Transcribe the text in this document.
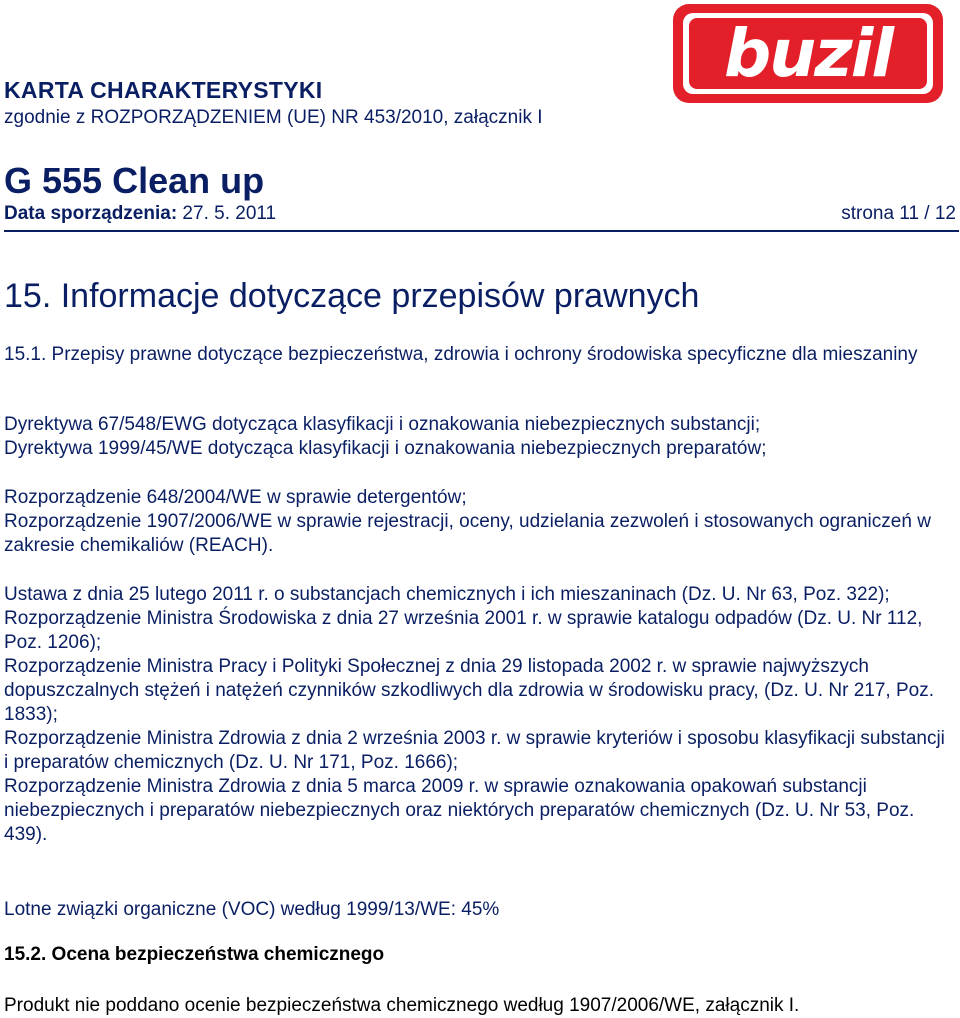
buzil
KARTA CHARAKTERYSTYKI
zgodnie z ROZPORZĄDZENIEM (UE) NR 453/2010, załącznik I
G 555 Clean up
Data sporządzenia: 27. 5. 2011	strona 11 / 12
15. Informacje dotyczące przepisów prawnych
15.1. Przepisy prawne dotyczące bezpieczeństwa, zdrowia i ochrony środowiska specyficzne dla mieszaniny

Dyrektywa 67/548/EWG dotycząca klasyfikacji i oznakowania niebezpiecznych substancji;

Dyrektywa 1999/45/WE dotycząca klasyfikacji i oznakowania niebezpiecznych preparatów;

Rozporządzenie 648/2004/WE w sprawie detergentów;

Rozporządzenie 1907/2006/WE w sprawie rejestracji, oceny, udzielania zezwoleń i stosowanych ograniczeń w zakresie chemikaliów (REACH).

Ustawa z dnia 25 lutego 2011 r. o substancjach chemicznych i ich mieszaninach (Dz. U. Nr 63, Poz. 322);

Rozporządzenie Ministra Środowiska z dnia 27 września 2001 r. w sprawie katalogu odpadów (Dz. U. Nr 112, Poz. 1206);

Rozporządzenie Ministra Pracy i Polityki Społecznej z dnia 29 listopada 2002 r. w sprawie najwyższych dopuszczalnych stężeń i natężeń czynników szkodliwych dla zdrowia w środowisku pracy, (Dz. U. Nr 217, Poz. 1833);

Rozporządzenie Ministra Zdrowia z dnia 2 września 2003 r. w sprawie kryteriów i sposobu klasyfikacji substancji i preparatów chemicznych (Dz. U. Nr 171, Poz. 1666);

Rozporządzenie Ministra Zdrowia z dnia 5 marca 2009 r. w sprawie oznakowania opakowań substancji niebezpiecznych i preparatów niebezpiecznych oraz niektórych preparatów chemicznych (Dz. U. Nr 53, Poz. 439).

Lotne związki organiczne (VOC) według 1999/13/WE: 45%
15.2. Ocena bezpieczeństwa chemicznego
Produkt nie poddano ocenie bezpieczeństwa chemicznego według 1907/2006/WE, załącznik I.
